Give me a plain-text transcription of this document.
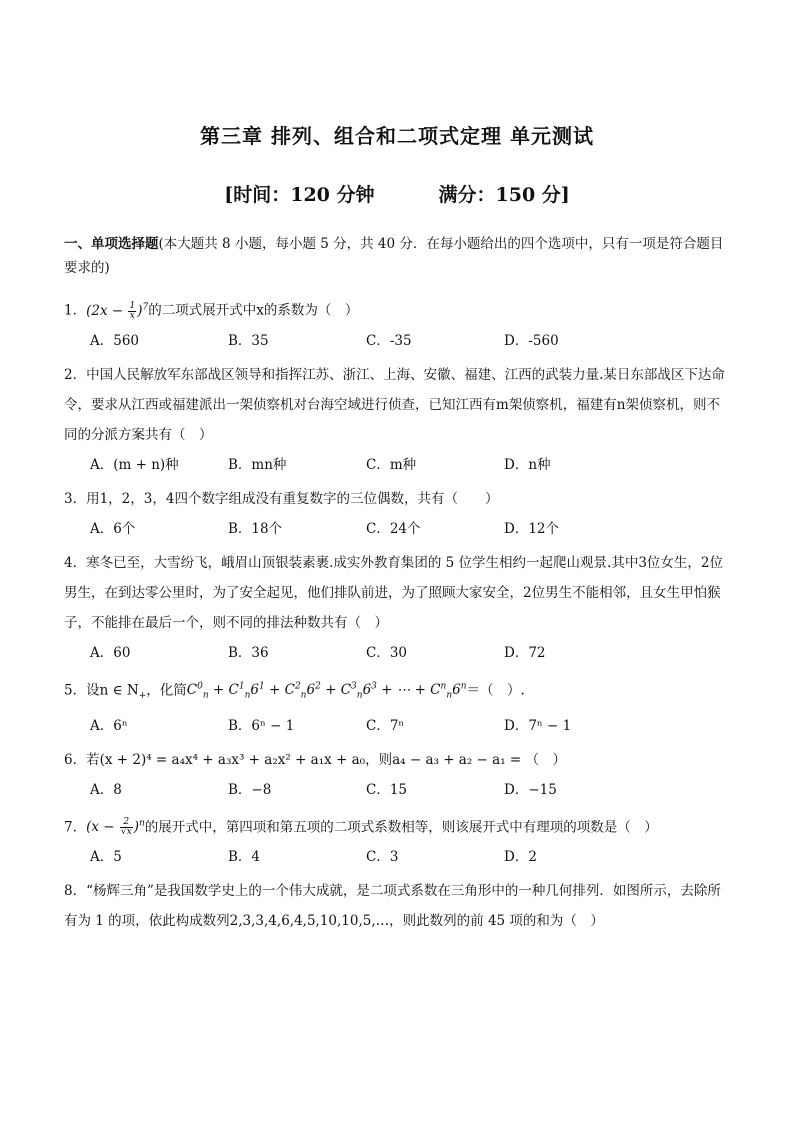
第三章 排列、组合和二项式定理 单元测试
[时间：120 分钟	满分：150 分]
一、单项选择题(本大题共 8 小题，每小题 5 分，共 40 分．在每小题给出的四个选项中，只有一项是符合题目要求的)
1．$(2x - \frac{1}{x} )^7$的二项式展开式中x的系数为（　）
A．560	B．35	C．-35	D．-560
2．中国人民解放军东部战区领导和指挥江苏、浙江、上海、安徽、福建、江西的武装力量.某日东部战区下达命令，要求从江西或福建派出一架侦察机对台海空域进行侦查，已知江西有m架侦察机，福建有n架侦察机，则不同的分派方案共有（　）
A．(m + n)种	B．mn种	C．m种	D．n种
3．用1，2，3，4四个数字组成没有重复数字的三位偶数，共有（　　）
A．6个	B．18个	C．24个	D．12个
4．寒冬已至，大雪纷飞，峨眉山顶银装素裹.成实外教育集团的 5 位学生相约一起爬山观景.其中3位女生，2位男生，在到达零公里时，为了安全起见，他们排队前进，为了照顾大家安全，2位男生不能相邻，且女生甲怕猴子，不能排在最后一个，则不同的排法种数共有（　）
A．60	B．36	C．30	D．72
5．设n ∈ $N_+$，化简$C^0_n + C^1_n6^1 + C^2_n6^2 + C^3_n6^3$ + ⋯ + $C^n_n6^n=$（　）.
A．6ⁿ	B．6ⁿ − 1	C．7ⁿ	D．7ⁿ − 1
6．若(x + 2)⁴ = a₄x⁴ + a₃x³ + a₂x² + a₁x + a₀，则a₄ − a₃ + a₂ − a₁ = （　）
A．8	B．−8	C．15	D．−15
7．$(x - \frac{2}{√x} )^n$的展开式中，第四项和第五项的二项式系数相等，则该展开式中有理项的项数是（　）
A．5	B．4	C．3	D．2
8．“杨辉三角”是我国数学史上的一个伟大成就，是二项式系数在三角形中的一种几何排列．如图所示，去除所有为 1 的项，依此构成数列2,3,3,4,6,4,5,10,10,5,…，则此数列的前 45 项的和为（　）
